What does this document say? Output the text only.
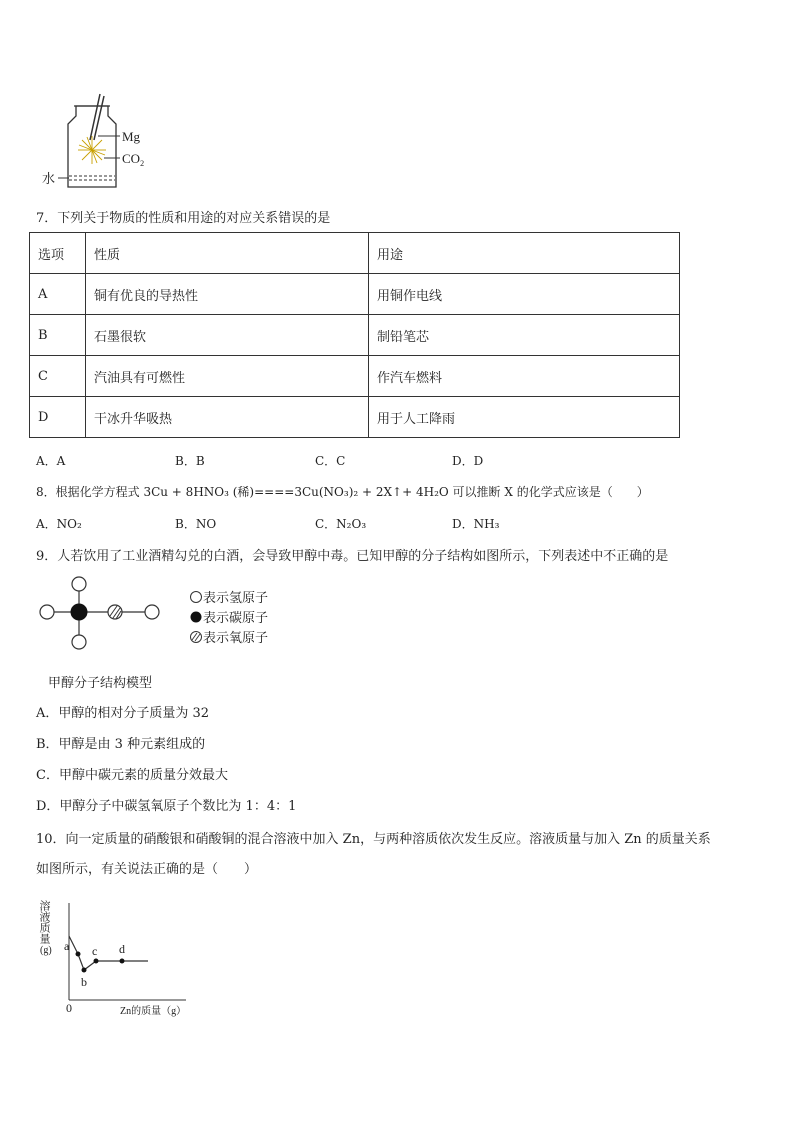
Mg
$CO_2$
水
7．下列关于物质的性质和用途的对应关系错误的是
选项	性质	用途
A	铜有优良的导热性	用铜作电线
B	石墨很软	制铅笔芯
C	汽油具有可燃性	作汽车燃料
D	干冰升华吸热	用于人工降雨
A．A	B．B	C．C	D．D
8．根据化学方程式 3Cu + 8HNO₃ (稀)====3Cu(NO₃)₂ + 2X↑+ 4H₂O 可以推断 X 的化学式应该是（　　）
A．NO₂	B．NO	C．N₂O₃	D．NH₃
9．人若饮用了工业酒精勾兑的白酒，会导致甲醇中毒。已知甲醇的分子结构如图所示，下列表述中不正确的是
表示氢原子
表示碳原子
表示氧原子
甲醇分子结构模型
A．甲醇的相对分子质量为 32
B．甲醇是由 3 种元素组成的
C．甲醇中碳元素的质量分效最大
D．甲醇分子中碳氢氧原子个数比为 1：4：1
10．向一定质量的硝酸银和硝酸铜的混合溶液中加入 Zn，与两种溶质依次发生反应。溶液质量与加入 Zn 的质量关系
如图所示，有关说法正确的是（　　）
溶液质量
(g) a
b
c d
0	Zn的质量（g）
